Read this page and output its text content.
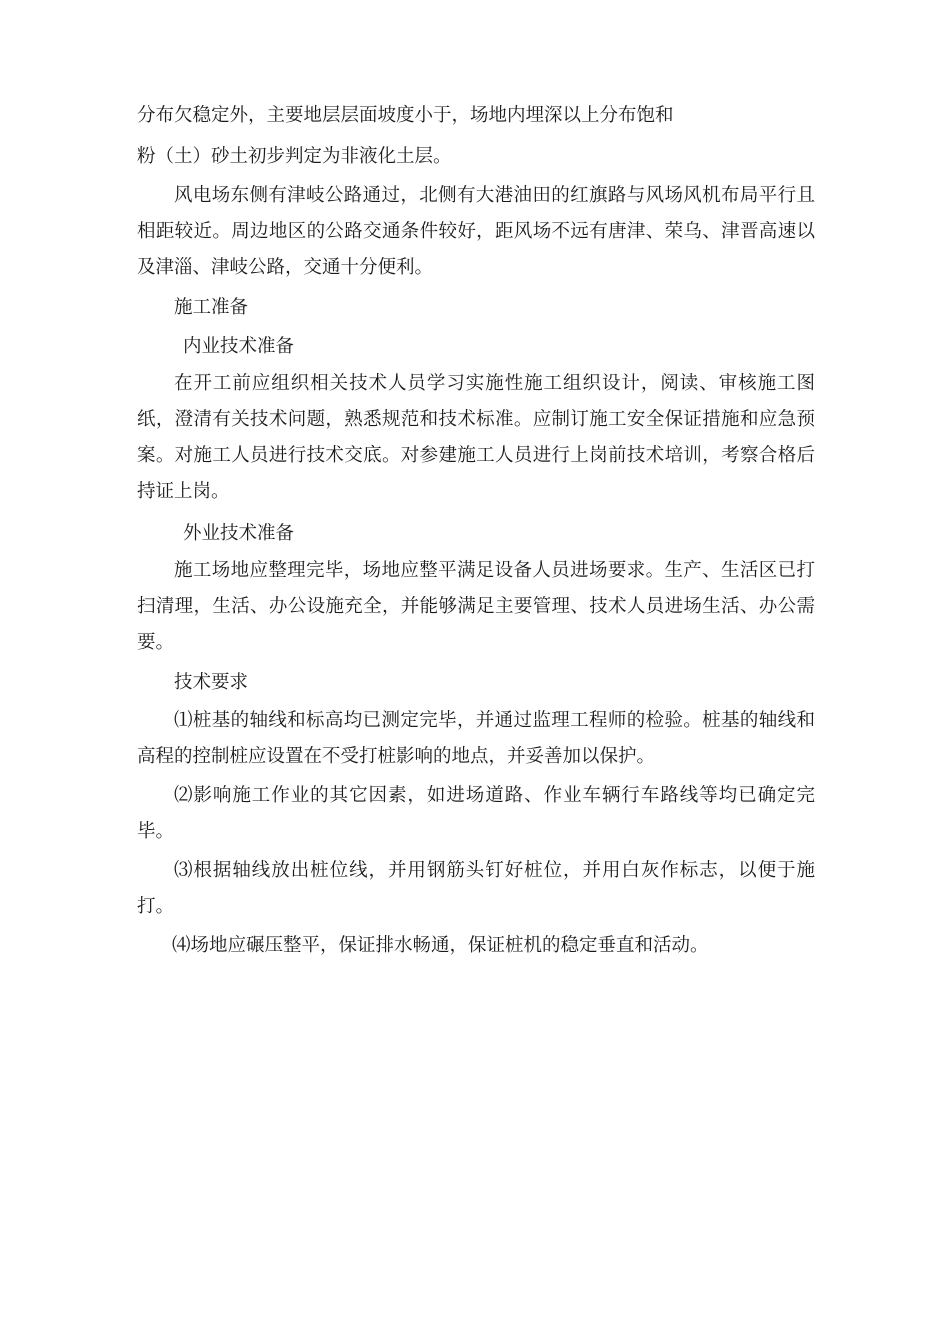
分布欠稳定外，主要地层层面坡度小于，场地内埋深以上分布饱和

粉（土）砂土初步判定为非液化土层。

风电场东侧有津岐公路通过，北侧有大港油田的红旗路与风场风机布局平行且相距较近。周边地区的公路交通条件较好，距风场不远有唐津、荣乌、津晋高速以及津淄、津岐公路，交通十分便利。

施工准备

内业技术准备

在开工前应组织相关技术人员学习实施性施工组织设计，阅读、审核施工图纸，澄清有关技术问题，熟悉规范和技术标准。应制订施工安全保证措施和应急预案。对施工人员进行技术交底。对参建施工人员进行上岗前技术培训，考察合格后持证上岗。

外业技术准备

施工场地应整理完毕，场地应整平满足设备人员进场要求。生产、生活区已打扫清理，生活、办公设施充全，并能够满足主要管理、技术人员进场生活、办公需要。

技术要求

⑴桩基的轴线和标高均已测定完毕，并通过监理工程师的检验。桩基的轴线和高程的控制桩应设置在不受打桩影响的地点，并妥善加以保护。

⑵影响施工作业的其它因素，如进场道路、作业车辆行车路线等均已确定完毕。

⑶根据轴线放出桩位线，并用钢筋头钉好桩位，并用白灰作标志，以便于施打。

⑷场地应碾压整平，保证排水畅通，保证桩机的稳定垂直和活动。
